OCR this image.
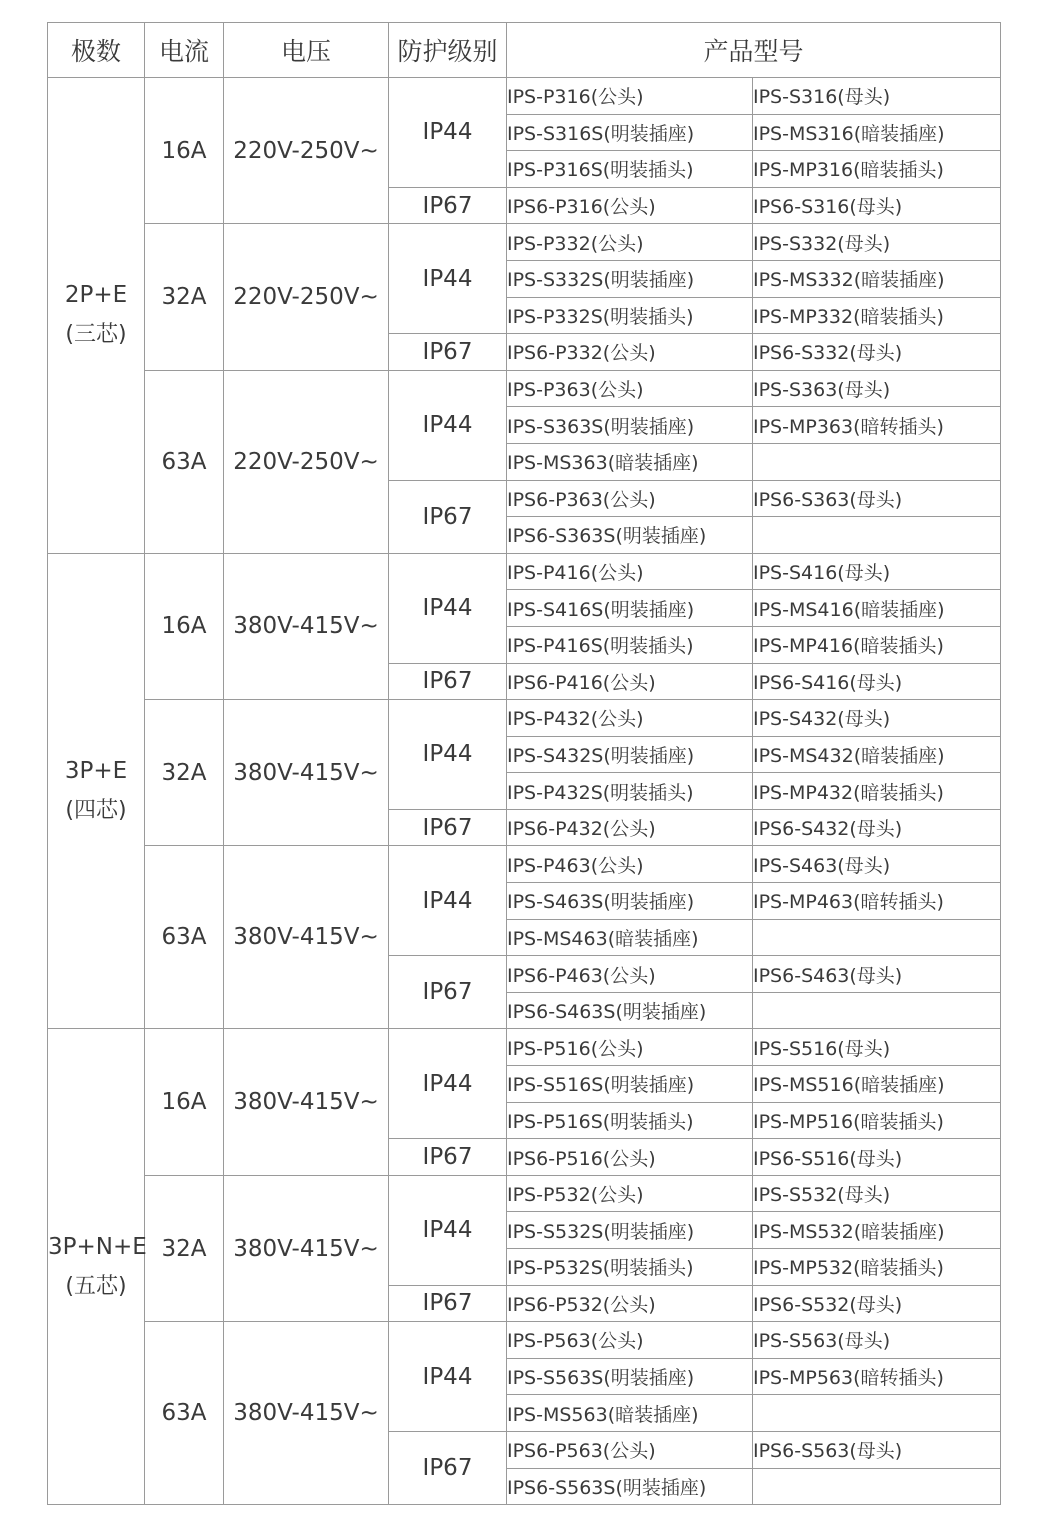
极数	电流	电压	防护级别	产品型号	

2P+E
(三芯)	16A	220V-250V~	IP44	IPS-P316(公头)	IPS-S316(母头)
				IPS-S316S(明装插座)	IPS-MS316(暗装插座)
				IPS-P316S(明装插头)	IPS-MP316(暗装插头)
			IP67	IPS6-P316(公头)	IPS6-S316(母头)
	32A	220V-250V~	IP44	IPS-P332(公头)	IPS-S332(母头)
				IPS-S332S(明装插座)	IPS-MS332(暗装插座)
				IPS-P332S(明装插头)	IPS-MP332(暗装插头)
			IP67	IPS6-P332(公头)	IPS6-S332(母头)
	63A	220V-250V~	IP44	IPS-P363(公头)	IPS-S363(母头)
				IPS-S363S(明装插座)	IPS-MP363(暗转插头)
				IPS-MS363(暗装插座)	
			IP67	IPS6-P363(公头)	IPS6-S363(母头)
				IPS6-S363S(明装插座)	

3P+E
(四芯)	16A	380V-415V~	IP44	IPS-P416(公头)	IPS-S416(母头)
				IPS-S416S(明装插座)	IPS-MS416(暗装插座)
				IPS-P416S(明装插头)	IPS-MP416(暗装插头)
			IP67	IPS6-P416(公头)	IPS6-S416(母头)
	32A	380V-415V~	IP44	IPS-P432(公头)	IPS-S432(母头)
				IPS-S432S(明装插座)	IPS-MS432(暗装插座)
				IPS-P432S(明装插头)	IPS-MP432(暗装插头)
			IP67	IPS6-P432(公头)	IPS6-S432(母头)
	63A	380V-415V~	IP44	IPS-P463(公头)	IPS-S463(母头)
				IPS-S463S(明装插座)	IPS-MP463(暗转插头)
				IPS-MS463(暗装插座)	
			IP67	IPS6-P463(公头)	IPS6-S463(母头)
				IPS6-S463S(明装插座)	

3P+N+E
(五芯)	16A	380V-415V~	IP44	IPS-P516(公头)	IPS-S516(母头)
				IPS-S516S(明装插座)	IPS-MS516(暗装插座)
				IPS-P516S(明装插头)	IPS-MP516(暗装插头)
			IP67	IPS6-P516(公头)	IPS6-S516(母头)
	32A	380V-415V~	IP44	IPS-P532(公头)	IPS-S532(母头)
				IPS-S532S(明装插座)	IPS-MS532(暗装插座)
				IPS-P532S(明装插头)	IPS-MP532(暗装插头)
			IP67	IPS6-P532(公头)	IPS6-S532(母头)
	63A	380V-415V~	IP44	IPS-P563(公头)	IPS-S563(母头)
				IPS-S563S(明装插座)	IPS-MP563(暗转插头)
				IPS-MS563(暗装插座)	
			IP67	IPS6-P563(公头)	IPS6-S563(母头)
				IPS6-S563S(明装插座)	
